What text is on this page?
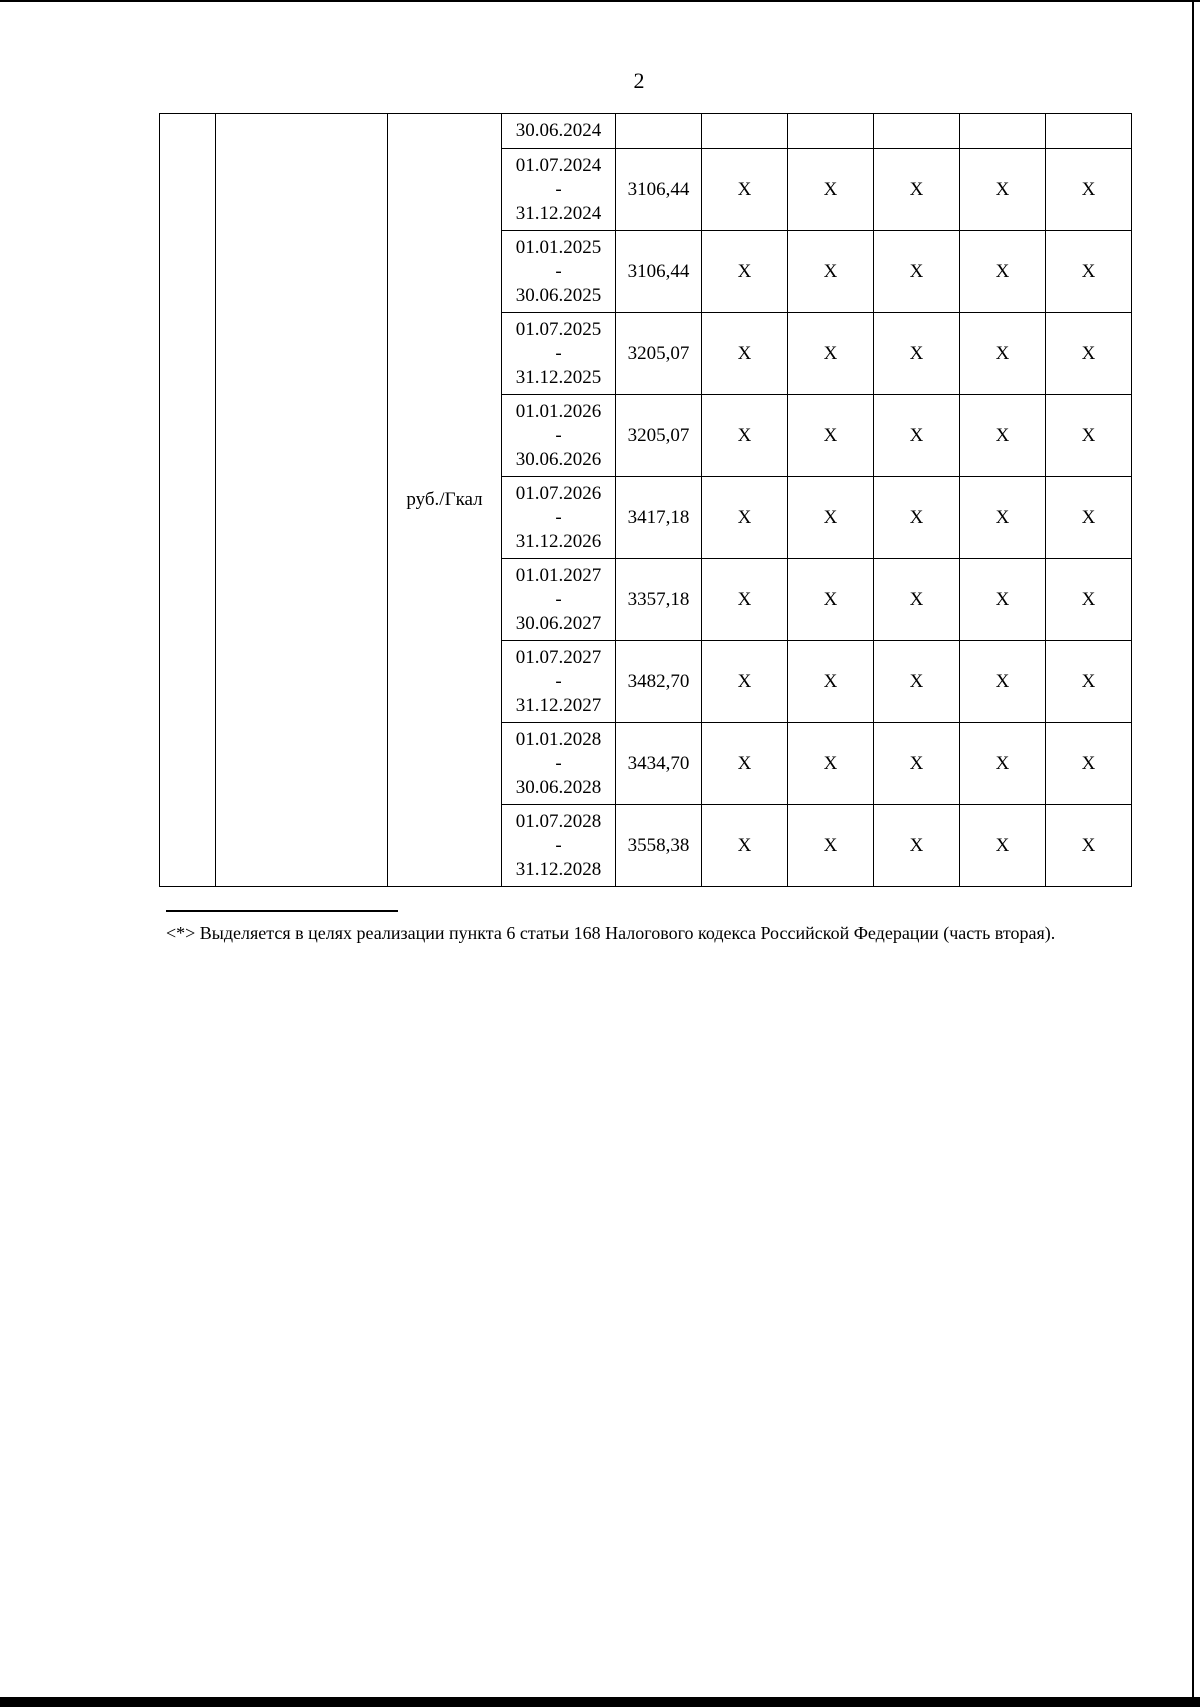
2
		руб./Гкал	30.06.2024						

			01.07.2024
-
31.12.2024	3106,44	X	X	X	X	X

			01.01.2025
-
30.06.2025	3106,44	X	X	X	X	X

			01.07.2025
-
31.12.2025	3205,07	X	X	X	X	X

			01.01.2026
-
30.06.2026	3205,07	X	X	X	X	X

			01.07.2026
-
31.12.2026	3417,18	X	X	X	X	X

			01.01.2027
-
30.06.2027	3357,18	X	X	X	X	X

			01.07.2027
-
31.12.2027	3482,70	X	X	X	X	X

			01.01.2028
-
30.06.2028	3434,70	X	X	X	X	X

			01.07.2028
-
31.12.2028	3558,38	X	X	X	X	X
<*> Выделяется в целях реализации пункта 6 статьи 168 Налогового кодекса Российской Федерации (часть вторая).
